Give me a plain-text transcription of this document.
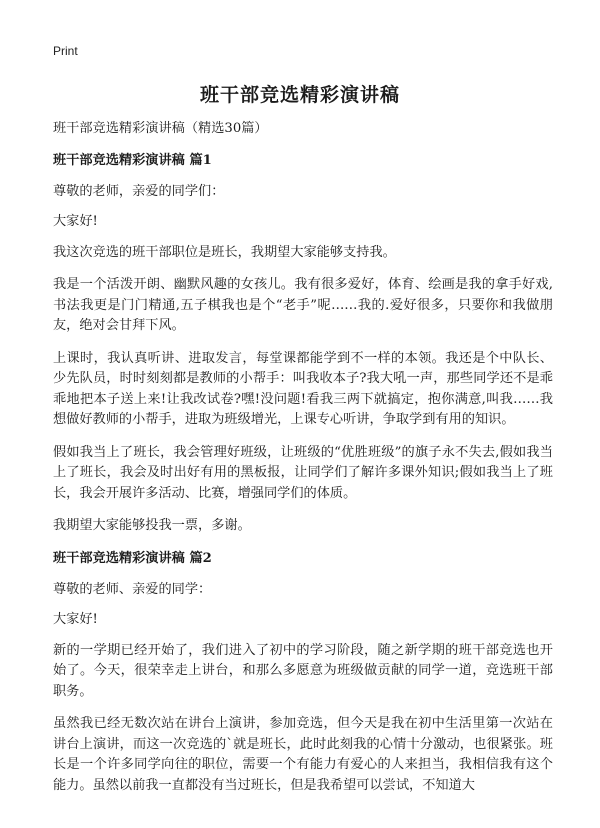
Print
班干部竞选精彩演讲稿

班干部竞选精彩演讲稿（精选30篇）

班干部竞选精彩演讲稿 篇1

尊敬的老师，亲爱的同学们：

大家好!

我这次竞选的班干部职位是班长，我期望大家能够支持我。

我是一个活泼开朗、幽默风趣的女孩儿。我有很多爱好，体育、绘画是我的拿手好戏,书法我更是门门精通,五子棋我也是个“老手”呢……我的.爱好很多，只要你和我做朋友，绝对会甘拜下风。

上课时，我认真听讲、进取发言，每堂课都能学到不一样的本领。我还是个中队长、少先队员，时时刻刻都是教师的小帮手：叫我收本子?我大吼一声，那些同学还不是乖乖地把本子送上来!让我改试卷?嘿!没问题!看我三两下就搞定，抱你满意,叫我……我想做好教师的小帮手，进取为班级增光，上课专心听讲，争取学到有用的知识。

假如我当上了班长，我会管理好班级，让班级的“优胜班级”的旗子永不失去,假如我当上了班长，我会及时出好有用的黑板报，让同学们了解许多课外知识;假如我当上了班长，我会开展许多活动、比赛，增强同学们的体质。

我期望大家能够投我一票，多谢。

班干部竞选精彩演讲稿 篇2

尊敬的老师、亲爱的同学：

大家好!

新的一学期已经开始了，我们进入了初中的学习阶段，随之新学期的班干部竞选也开始了。今天，很荣幸走上讲台，和那么多愿意为班级做贡献的同学一道，竞选班干部职务。

虽然我已经无数次站在讲台上演讲，参加竞选，但今天是我在初中生活里第一次站在讲台上演讲，而这一次竞选的`就是班长，此时此刻我的心情十分激动，也很紧张。班长是一个许多同学向往的职位，需要一个有能力有爱心的人来担当，我相信我有这个能力。虽然以前我一直都没有当过班长，但是我希望可以尝试，不知道大
